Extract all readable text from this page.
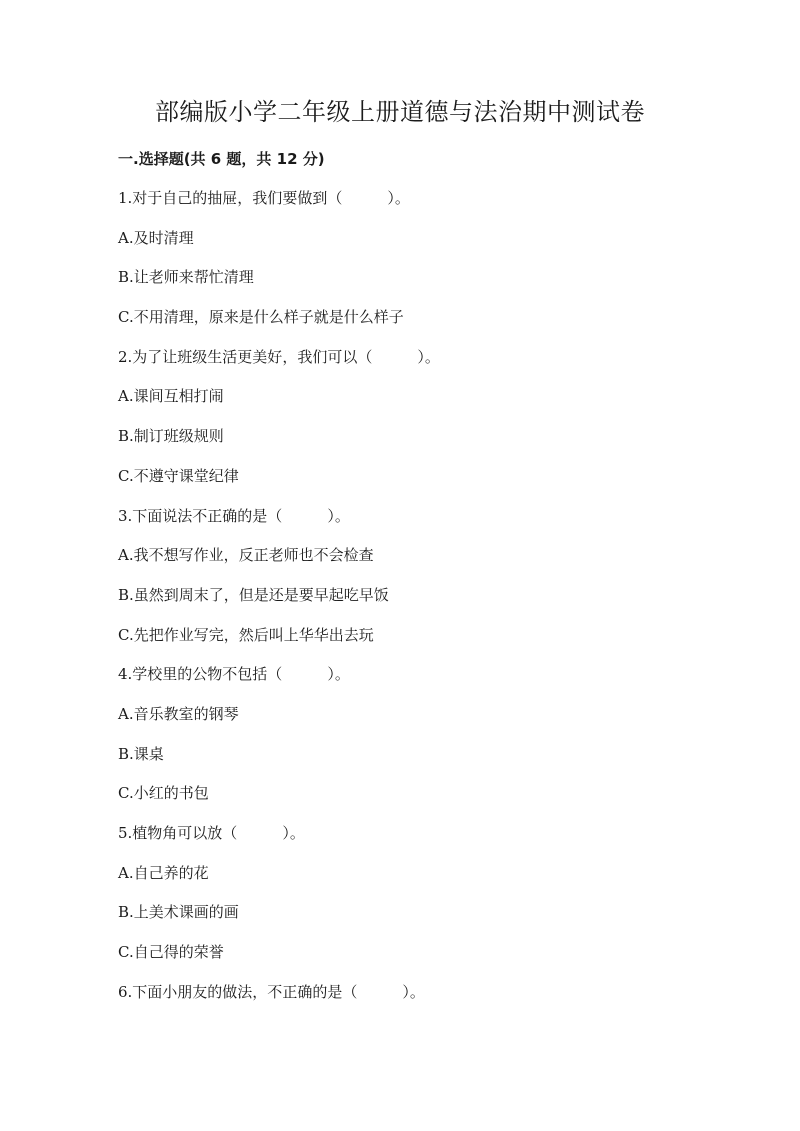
部编版小学二年级上册道德与法治期中测试卷
一.选择题(共 6 题，共 12 分)
1.对于自己的抽屉，我们要做到（　　　）。
A.及时清理
B.让老师来帮忙清理
C.不用清理，原来是什么样子就是什么样子
2.为了让班级生活更美好，我们可以（　　　）。
A.课间互相打闹
B.制订班级规则
C.不遵守课堂纪律
3.下面说法不正确的是（　　　）。
A.我不想写作业，反正老师也不会检查
B.虽然到周末了，但是还是要早起吃早饭
C.先把作业写完，然后叫上华华出去玩
4.学校里的公物不包括（　　　）。
A.音乐教室的钢琴
B.课桌
C.小红的书包
5.植物角可以放（　　　）。
A.自己养的花
B.上美术课画的画
C.自己得的荣誉
6.下面小朋友的做法，不正确的是（　　　）。
